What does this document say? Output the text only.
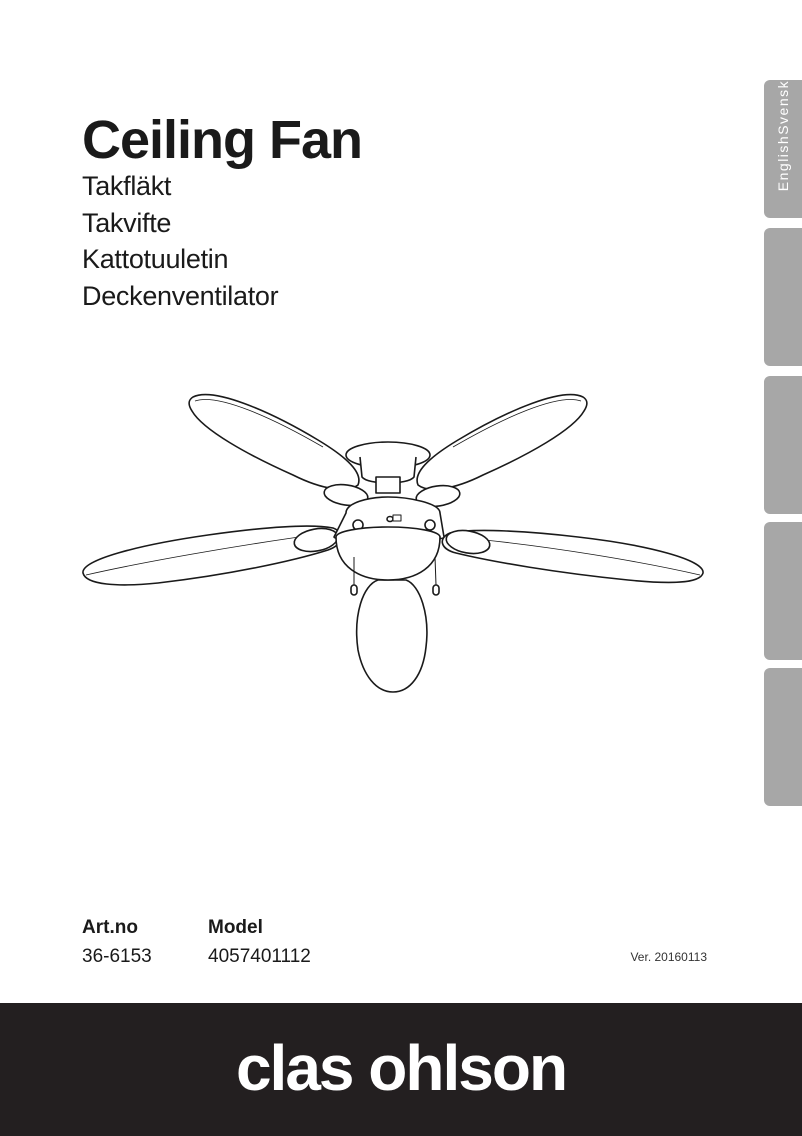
Ceiling Fan

Takfläkt

Takvifte

Kattotuuletin

Deckenventilator

EnglishSvenska
Art.no
36-6153
Model
4057401112	Ver. 20160113
clas ohlson
